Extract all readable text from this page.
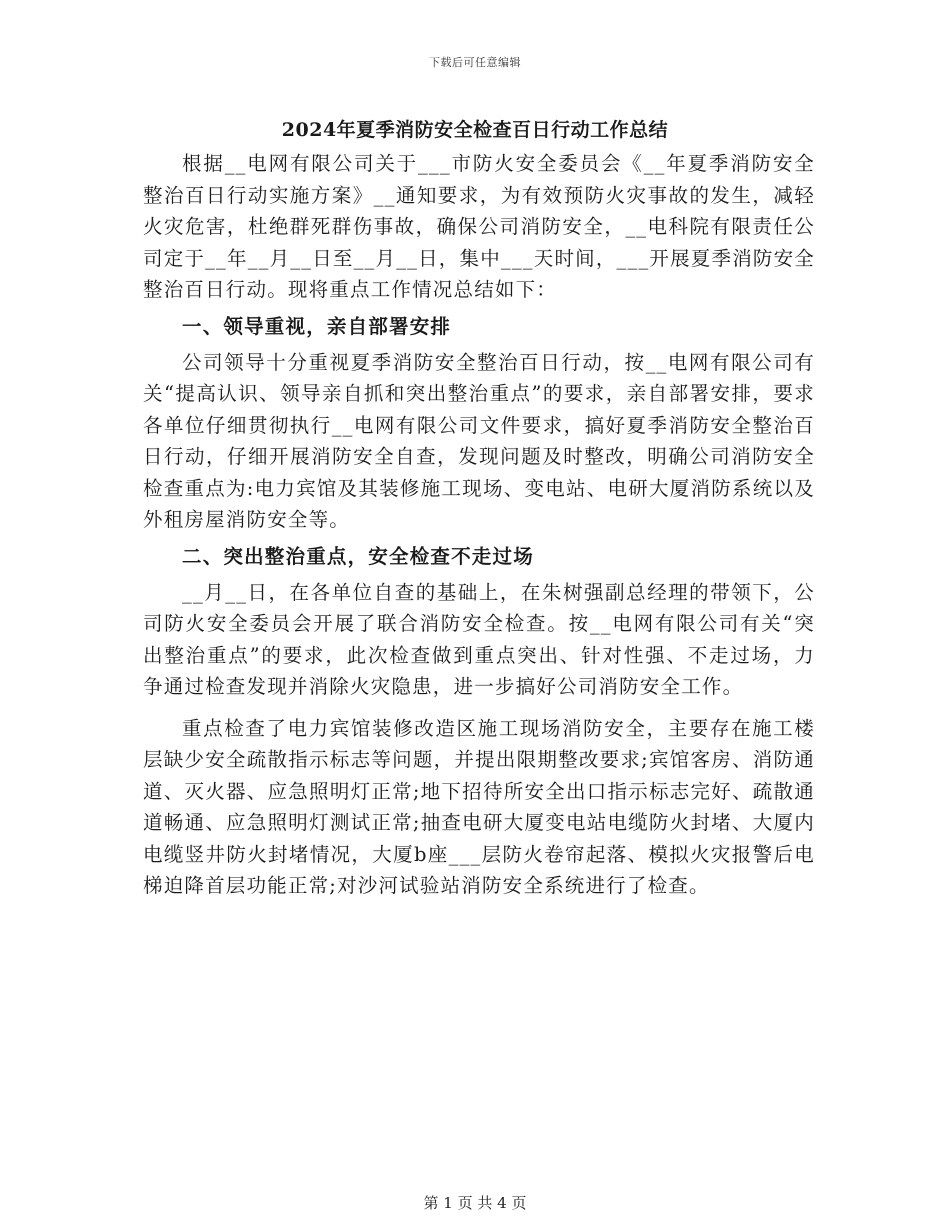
下载后可任意编辑
2024年夏季消防安全检查百日行动工作总结

根据__电网有限公司关于___市防火安全委员会《__年夏季消防安全整治百日行动实施方案》__通知要求，为有效预防火灾事故的发生，减轻火灾危害，杜绝群死群伤事故，确保公司消防安全，__电科院有限责任公司定于__年__月__日至__月__日，集中___天时间，___开展夏季消防安全整治百日行动。现将重点工作情况总结如下：

一、领导重视，亲自部署安排

公司领导十分重视夏季消防安全整治百日行动，按__电网有限公司有关“提高认识、领导亲自抓和突出整治重点”的要求，亲自部署安排，要求各单位仔细贯彻执行__电网有限公司文件要求，搞好夏季消防安全整治百日行动，仔细开展消防安全自查，发现问题及时整改，明确公司消防安全检查重点为:电力宾馆及其装修施工现场、变电站、电研大厦消防系统以及外租房屋消防安全等。

二、突出整治重点，安全检查不走过场

__月__日，在各单位自查的基础上，在朱树强副总经理的带领下，公司防火安全委员会开展了联合消防安全检查。按__电网有限公司有关“突出整治重点”的要求，此次检查做到重点突出、针对性强、不走过场，力争通过检查发现并消除火灾隐患，进一步搞好公司消防安全工作。

重点检查了电力宾馆装修改造区施工现场消防安全，主要存在施工楼层缺少安全疏散指示标志等问题，并提出限期整改要求;宾馆客房、消防通道、灭火器、应急照明灯正常;地下招待所安全出口指示标志完好、疏散通道畅通、应急照明灯测试正常;抽查电研大厦变电站电缆防火封堵、大厦内电缆竖井防火封堵情况，大厦b座___层防火卷帘起落、模拟火灾报警后电梯迫降首层功能正常;对沙河试验站消防安全系统进行了检查。

第 1 页 共 4 页
